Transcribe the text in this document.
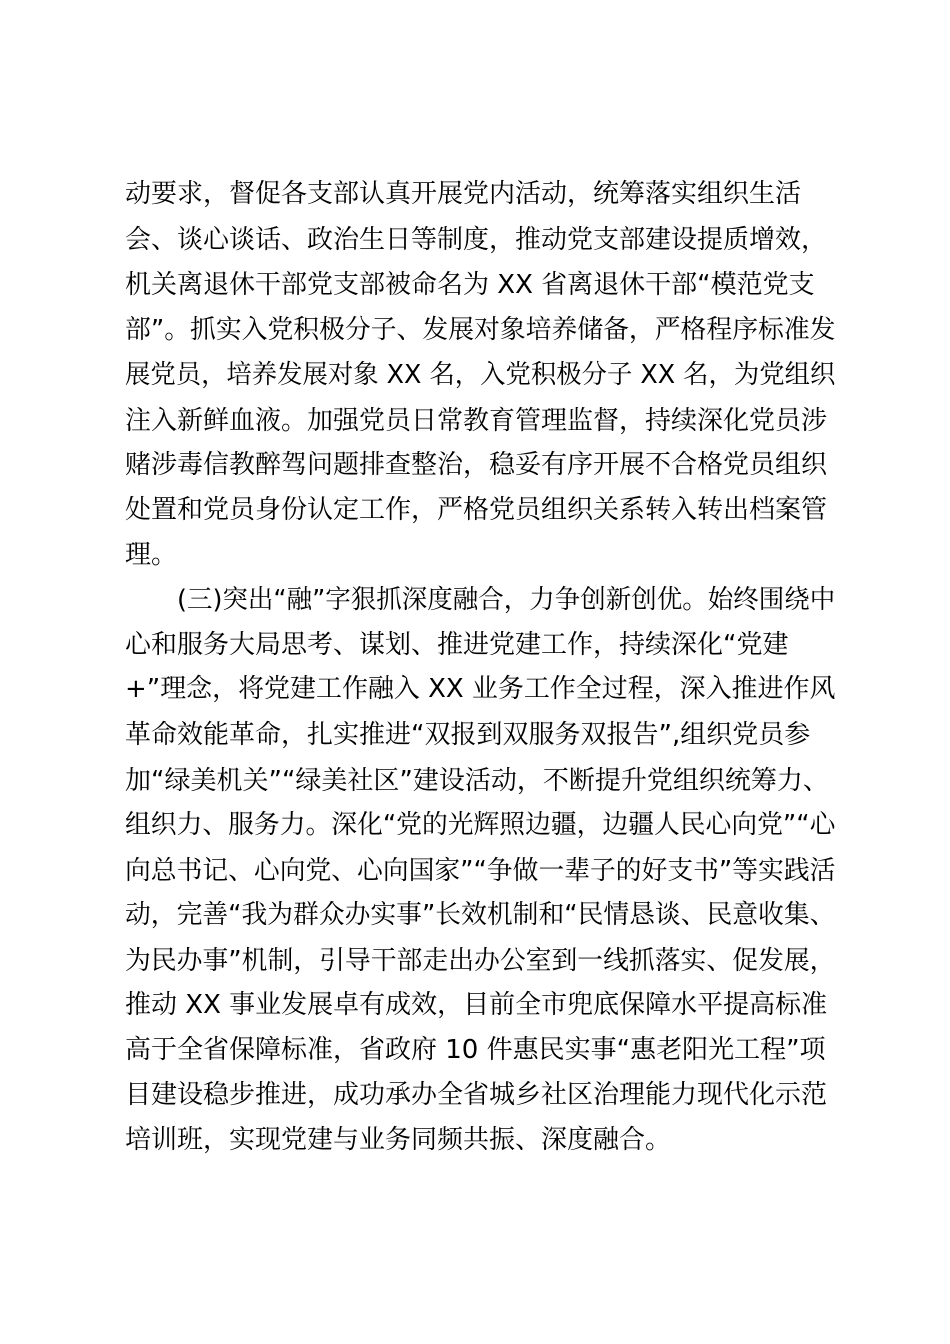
动要求，督促各支部认真开展党内活动，统筹落实组织生活
会、谈心谈话、政治生日等制度，推动党支部建设提质增效，
机关离退休干部党支部被命名为 XX 省离退休干部“模范党支
部”。抓实入党积极分子、发展对象培养储备，严格程序标准发
展党员，培养发展对象 XX 名，入党积极分子 XX 名，为党组织
注入新鲜血液。加强党员日常教育管理监督，持续深化党员涉
赌涉毒信教醉驾问题排查整治，稳妥有序开展不合格党员组织
处置和党员身份认定工作，严格党员组织关系转入转出档案管
理。
(三)突出“融”字狠抓深度融合，力争创新创优。始终围绕中
心和服务大局思考、谋划、推进党建工作，持续深化“党建
+”理念，将党建工作融入 XX 业务工作全过程，深入推进作风
革命效能革命，扎实推进“双报到双服务双报告”,组织党员参
加“绿美机关”“绿美社区”建设活动，不断提升党组织统筹力、
组织力、服务力。深化“党的光辉照边疆，边疆人民心向党”“心
向总书记、心向党、心向国家”“争做一辈子的好支书”等实践活
动，完善“我为群众办实事”长效机制和“民情恳谈、民意收集、
为民办事”机制，引导干部走出办公室到一线抓落实、促发展，
推动 XX 事业发展卓有成效，目前全市兜底保障水平提高标准
高于全省保障标准，省政府 10 件惠民实事“惠老阳光工程”项
目建设稳步推进，成功承办全省城乡社区治理能力现代化示范
培训班，实现党建与业务同频共振、深度融合。
